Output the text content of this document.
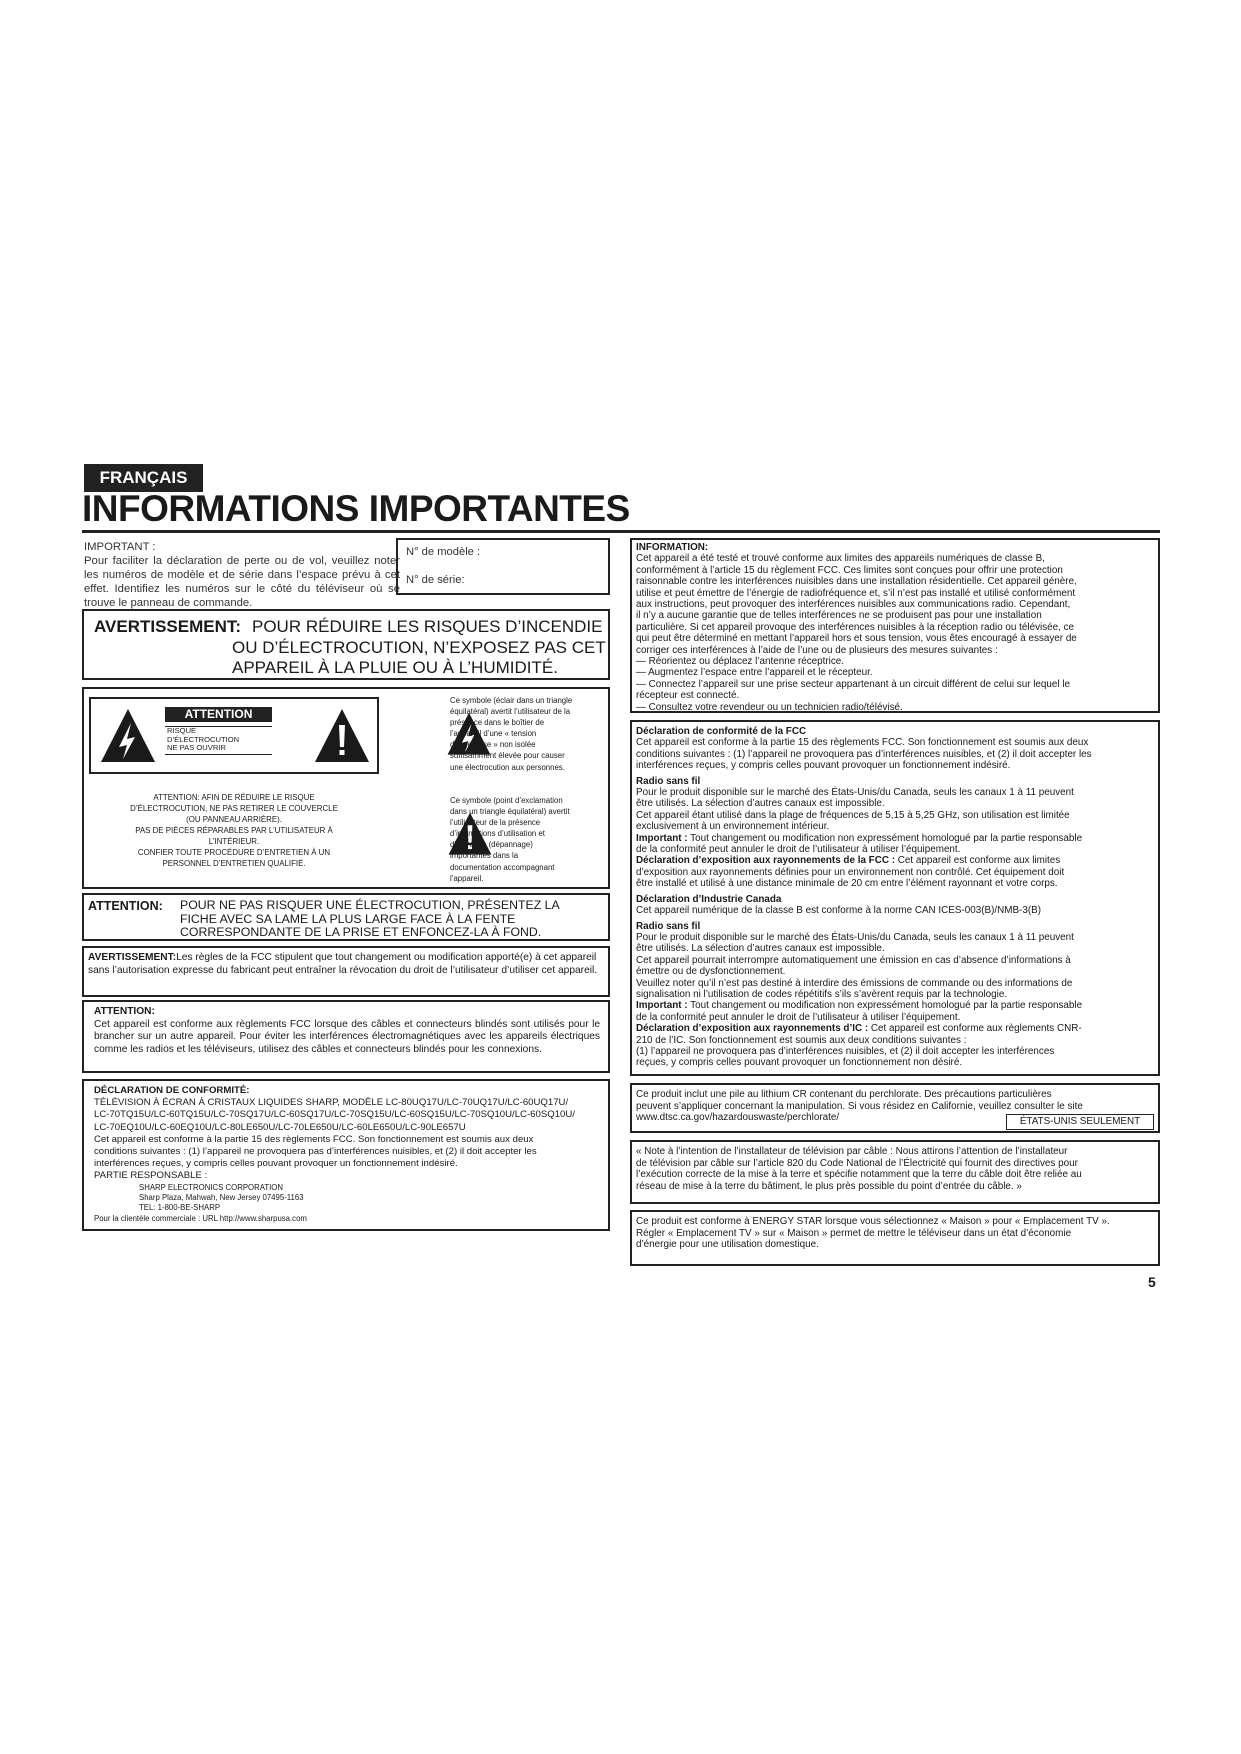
FRANÇAIS
INFORMATIONS IMPORTANTES
IMPORTANT :
Pour faciliter la déclaration de perte ou de vol, veuillez noter les numéros de modèle et de série dans l’espace prévu à cet effet. Identifiez les numéros sur le côté du téléviseur où se trouve le panneau de commande.
N° de modèle :
N° de série:
AVERTISSEMENT: POUR RÉDUIRE LES RISQUES D’INCENDIE
OU D’ÉLECTROCUTION, N’EXPOSEZ PAS CET
APPAREIL À LA PLUIE OU À L’HUMIDITÉ.
ATTENTION
RISQUE
D’ÉLECTROCUTION
NE PAS OUVRIR
ATTENTION: AFIN DE RÉDUIRE LE RISQUE
D’ÉLECTROCUTION, NE PAS RETIRER LE COUVERCLE
(OU PANNEAU ARRIÈRE).
PAS DE PIÈCES RÉPARABLES PAR L’UTILISATEUR À
L’INTÉRIEUR.
CONFIER TOUTE PROCÉDURE D’ENTRETIEN À UN
PERSONNEL D’ENTRETIEN QUALIFIÉ.
Ce symbole (éclair dans un triangle
équilatéral) avertit l’utilisateur de la
présence dans le boîtier de
l’appareil d’une « tension
dangereuse » non isolée
suffisamment élevée pour causer
une électrocution aux personnes.
Ce symbole (point d’exclamation
dans un triangle équilatéral) avertit
l’utilisateur de la présence
d’instructions d’utilisation et
d’entretien (dépannage)
importantes dans la
documentation accompagnant
l’appareil.
ATTENTION: POUR NE PAS RISQUER UNE ÉLECTROCUTION, PRÉSENTEZ LA
FICHE AVEC SA LAME LA PLUS LARGE FACE À LA FENTE
CORRESPONDANTE DE LA PRISE ET ENFONCEZ-LA À FOND.
AVERTISSEMENT:Les règles de la FCC stipulent que tout changement ou modification apporté(e) à cet appareil sans l’autorisation expresse du fabricant peut entraîner la révocation du droit de l’utilisateur d’utiliser cet appareil.
ATTENTION:
Cet appareil est conforme aux règlements FCC lorsque des câbles et connecteurs blindés sont utilisés pour le brancher sur un autre appareil. Pour éviter les interférences électromagnétiques avec les appareils électriques comme les radios et les téléviseurs, utilisez des câbles et connecteurs blindés pour les connexions.
DÉCLARATION DE CONFORMITÉ:
TÉLÉVISION À ÉCRAN À CRISTAUX LIQUIDES SHARP, MODÈLE LC-80UQ17U/LC-70UQ17U/LC-60UQ17U/
LC-70TQ15U/LC-60TQ15U/LC-70SQ17U/LC-60SQ17U/LC-70SQ15U/LC-60SQ15U/LC-70SQ10U/LC-60SQ10U/
LC-70EQ10U/LC-60EQ10U/LC-80LE650U/LC-70LE650U/LC-60LE650U/LC-90LE657U
Cet appareil est conforme à la partie 15 des règlements FCC. Son fonctionnement est soumis aux deux
conditions suivantes : (1) l’appareil ne provoquera pas d’interférences nuisibles, et (2) il doit accepter les
interférences reçues, y compris celles pouvant provoquer un fonctionnement indésiré.
PARTIE RESPONSABLE :
SHARP ELECTRONICS CORPORATION
Sharp Plaza, Mahwah, New Jersey 07495-1163
TEL: 1-800-BE-SHARP
Pour la clientèle commerciale : URL http://www.sharpusa.com

INFORMATION:

Cet appareil a été testé et trouvé conforme aux limites des appareils numériques de classe B,
conformément à l’article 15 du règlement FCC. Ces limites sont conçues pour offrir une protection
raisonnable contre les interférences nuisibles dans une installation résidentielle. Cet appareil génère,
utilise et peut émettre de l’énergie de radiofréquence et, s’il n’est pas installé et utilisé conformément
aux instructions, peut provoquer des interférences nuisibles aux communications radio. Cependant,
il n’y a aucune garantie que de telles interférences ne se produisent pas pour une installation
particulière. Si cet appareil provoque des interférences nuisibles à la réception radio ou télévisée, ce
qui peut être déterminé en mettant l’appareil hors et sous tension, vous êtes encouragé à essayer de
corriger ces interférences à l’aide de l’une ou de plusieurs des mesures suivantes :

— Réorientez ou déplacez l’antenne réceptrice.

— Augmentez l’espace entre l’appareil et le récepteur.

— Connectez l’appareil sur une prise secteur appartenant à un circuit différent de celui sur lequel le
récepteur est connecté.

— Consultez votre revendeur ou un technicien radio/télévisé.

Déclaration de conformité de la FCC

Cet appareil est conforme à la partie 15 des règlements FCC. Son fonctionnement est soumis aux deux
conditions suivantes : (1) l’appareil ne provoquera pas d’interférences nuisibles, et (2) il doit accepter les
interférences reçues, y compris celles pouvant provoquer un fonctionnement indésiré.

Radio sans fil

Pour le produit disponible sur le marché des États-Unis/du Canada, seuls les canaux 1 à 11 peuvent
être utilisés. La sélection d’autres canaux est impossible.
Cet appareil étant utilisé dans la plage de fréquences de 5,15 à 5,25 GHz, son utilisation est limitée
exclusivement à un environnement intérieur.

Important : Tout changement ou modification non expressément homologué par la partie responsable
de la conformité peut annuler le droit de l’utilisateur à utiliser l’équipement.

Déclaration d’exposition aux rayonnements de la FCC : Cet appareil est conforme aux limites
d’exposition aux rayonnements définies pour un environnement non contrôlé. Cet équipement doit
être installé et utilisé à une distance minimale de 20 cm entre l’élément rayonnant et votre corps.

Déclaration d’Industrie Canada

Cet appareil numérique de la classe B est conforme à la norme CAN ICES-003(B)/NMB-3(B)

Radio sans fil

Pour le produit disponible sur le marché des États-Unis/du Canada, seuls les canaux 1 à 11 peuvent
être utilisés. La sélection d’autres canaux est impossible.
Cet appareil pourrait interrompre automatiquement une émission en cas d’absence d’informations à
émettre ou de dysfonctionnement.
Veuillez noter qu’il n’est pas destiné à interdire des émissions de commande ou des informations de
signalisation ni l’utilisation de codes répétitifs s’ils s’avèrent requis par la technologie.

Important : Tout changement ou modification non expressément homologué par la partie responsable
de la conformité peut annuler le droit de l’utilisateur à utiliser l’équipement.

Déclaration d’exposition aux rayonnements d’IC : Cet appareil est conforme aux règlements CNR-
210 de l’IC. Son fonctionnement est soumis aux deux conditions suivantes :
(1) l’appareil ne provoquera pas d’interférences nuisibles, et (2) il doit accepter les interférences
reçues, y compris celles pouvant provoquer un fonctionnement non désiré.

Ce produit inclut une pile au lithium CR contenant du perchlorate. Des précautions particulières
peuvent s’appliquer concernant la manipulation. Si vous résidez en Californie, veuillez consulter le site
www.dtsc.ca.gov/hazardouswaste/perchlorate/	ÉTATS-UNIS SEULEMENT
« Note à l’intention de l’installateur de télévision par câble : Nous attirons l’attention de l’installateur
de télévision par câble sur l’article 820 du Code National de l’Électricité qui fournit des directives pour
l’exécution correcte de la mise à la terre et spécifie notamment que la terre du câble doit être reliée au
réseau de mise à la terre du bâtiment, le plus près possible du point d’entrée du câble. »
Ce produit est conforme à ENERGY STAR lorsque vous sélectionnez « Maison » pour « Emplacement TV ».
Régler « Emplacement TV » sur « Maison » permet de mettre le téléviseur dans un état d’économie
d’énergie pour une utilisation domestique.
5
